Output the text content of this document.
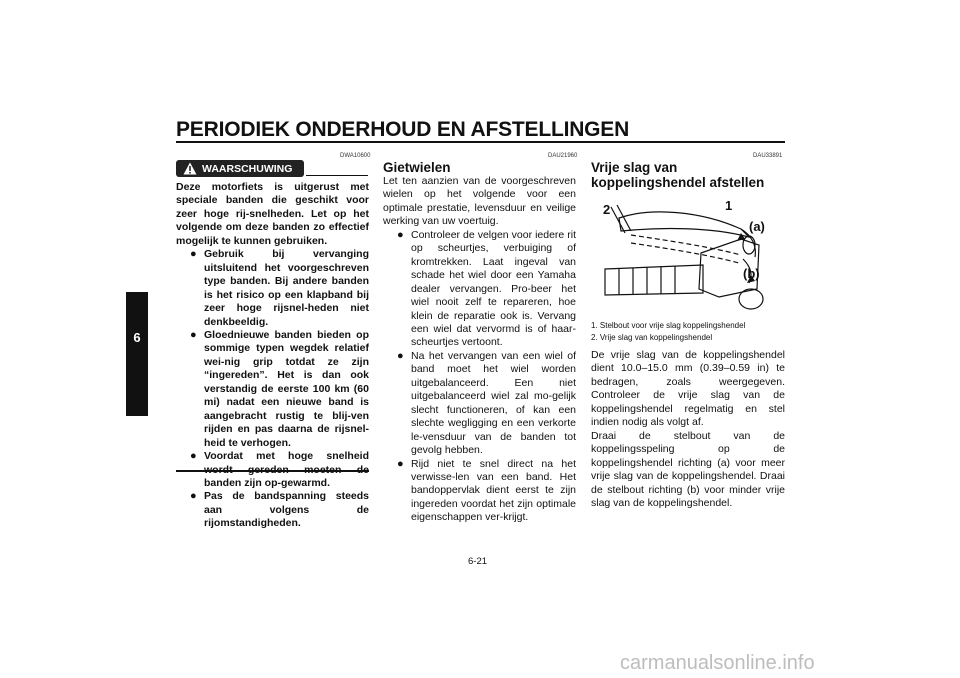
PERIODIEK ONDERHOUD EN AFSTELLINGEN
6
DWA10600
WAARSCHUWING

Deze motorfiets is uitgerust met speciale banden die geschikt voor zeer hoge rij-snelheden. Let op het volgende om deze banden zo effectief mogelijk te kunnen gebruiken.

● Gebruik bij vervanging uitsluitend het voorgeschreven type banden. Bij andere banden is het risico op een klapband bij zeer hoge rijsnel-heden niet denkbeeldig.
● Gloednieuwe banden bieden op sommige typen wegdek relatief wei-nig grip totdat ze zijn “ingereden”. Het is dan ook verstandig de eerste 100 km (60 mi) nadat een nieuwe band is aangebracht rustig te blij-ven rijden en pas daarna de rijsnel-heid te verhogen.
● Voordat met hoge snelheid banden zijn op-gewarmd.
● Pas de bandspanning steeds aan volgens de rijomstandigheden.
DAU21960
Gietwielen

Let ten aanzien van de voorgeschreven wielen op het volgende voor een optimale prestatie, levensduur en veilige werking van uw voertuig.

● Controleer de velgen voor iedere rit op scheurtjes, verbuiging of kromtrekken. Laat ingeval van schade het wiel door een Yamaha dealer vervangen. Pro-beer het wiel nooit zelf te repareren, hoe klein de reparatie ook is. Vervang een wiel dat vervormd is of haar-scheurtjes vertoont.
● Na het vervangen van een wiel of band moet het wiel worden uitgebalanceerd. Een niet uitgebalanceerd wiel zal mo-gelijk slecht functioneren, of kan een slechte wegligging en een verkorte le-vensduur van de banden tot gevolg hebben.
● Rijd niet te snel direct na het verwisse-len van een band. Het bandoppervlak dient eerst te zijn ingereden voordat het zijn optimale eigenschappen ver-krijgt.
DAU33891
Vrije slag van koppelingshendel afstellen
2	1
(a)
(b)
1. Stelbout voor vrije slag koppelingshendel
2. Vrije slag van koppelingshendel

De vrije slag van de koppelingshendel dient 10.0–15.0 mm (0.39–0.59 in) te bedragen, zoals weergegeven. Controleer de vrije slag van de koppelingshendel regelmatig en stel indien nodig als volgt af.

Draai de stelbout van de koppelingsspeling op de koppelingshendel richting (a) voor meer vrije slag van de koppelingshendel. Draai de stelbout richting (b) voor minder vrije slag van de koppelingshendel.

6-21
carmanualsonline.info
